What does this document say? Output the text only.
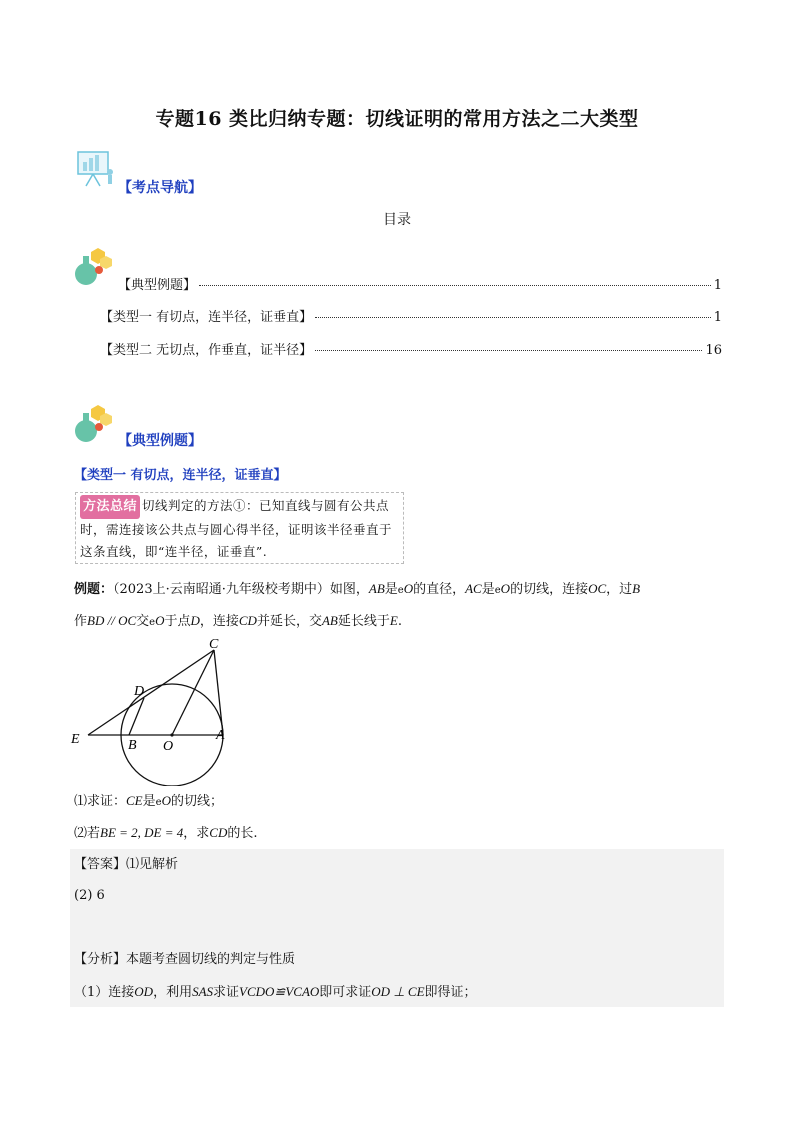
专题16 类比归纳专题：切线证明的常用方法之二大类型
【考点导航】
目录
【典型例题】	1
【类型一 有切点，连半径，证垂直】	1
【类型二 无切点，作垂直，证半径】	16
【典型例题】
【类型一 有切点，连半径，证垂直】
方法总结 切线判定的方法①：已知直线与圆有公共点时，需连接该公共点与圆心得半径，证明该半径垂直于这条直线，即“连半径，证垂直”.
例题：（2023上·云南昭通·九年级校考期中）如图，AB是eO的直径，AC是eO的切线，连接OC，过B
作BD // OC交eO于点D，连接CD并延长，交AB延长线于E.
C
D
E	B O
A
⑴求证：CE是eO的切线；
⑵若BE = 2, DE = 4，求CD的长.
【答案】⑴见解析
(2) 6
【分析】本题考查圆切线的判定与性质
（1）连接OD，利用SAS求证VCDO≌VCAO即可求证OD ⊥ CE即得证；
